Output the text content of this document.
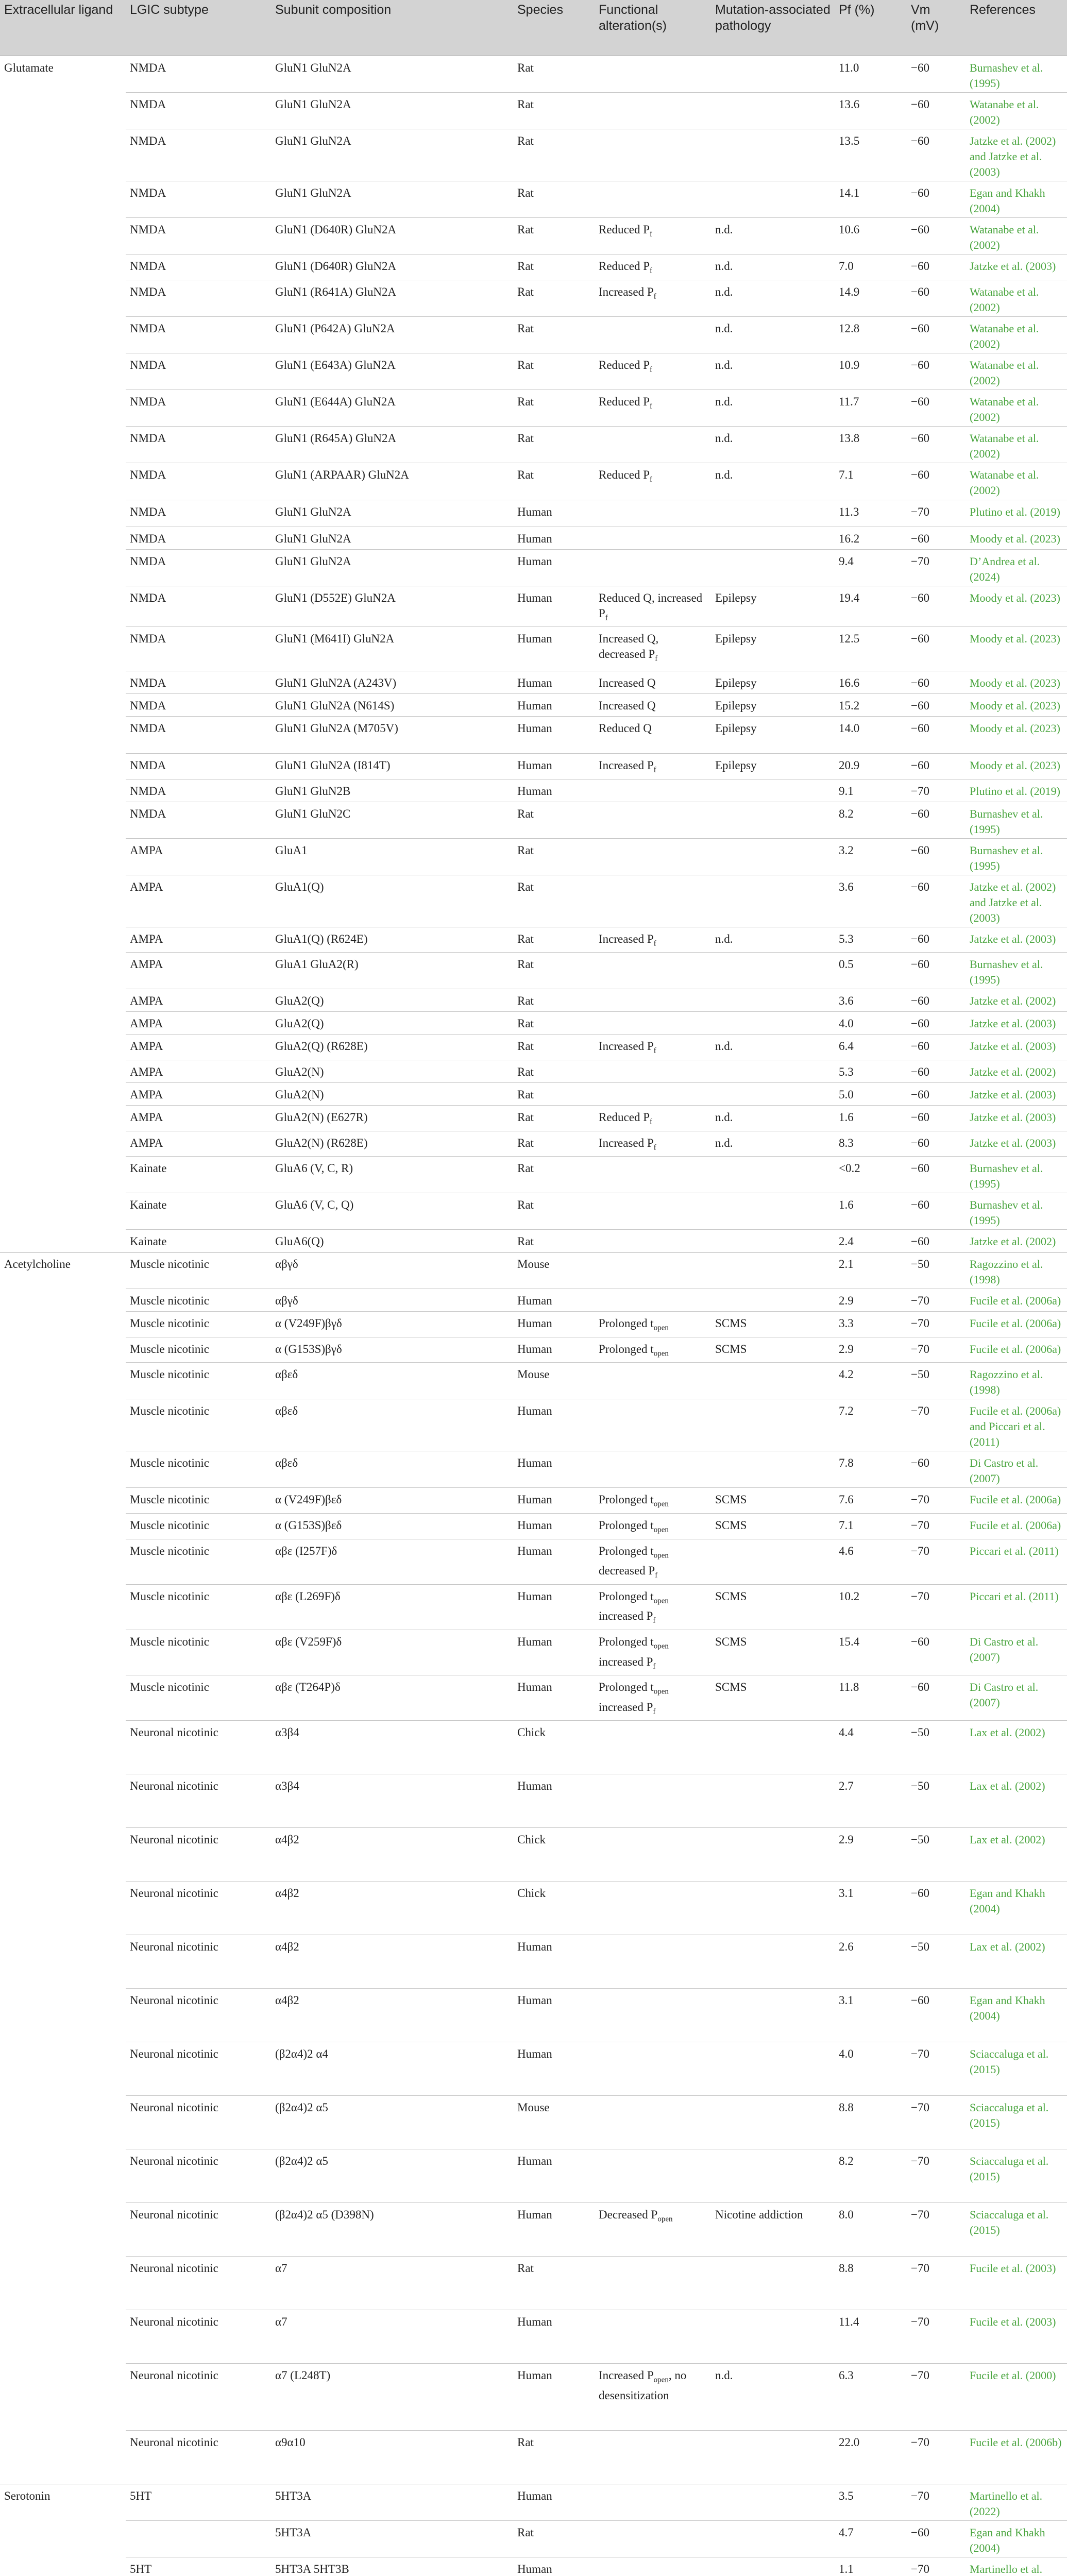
Extracellular ligand	LGIC subtype	Subunit composition	Species	Functional alteration(s)	Mutation-associated pathology	Pf (%)	Vm (mV)	References
Glutamate	NMDA	GluN1 GluN2A	Rat			11.0	−60	Burnashev et al. (1995)
	NMDA	GluN1 GluN2A	Rat			13.6	−60	Watanabe et al. (2002)
	NMDA	GluN1 GluN2A	Rat			13.5	−60	Jatzke et al. (2002) and Jatzke et al. (2003)
	NMDA	GluN1 GluN2A	Rat			14.1	−60	Egan and Khakh (2004)
	NMDA	GluN1 (D640R) GluN2A	Rat	Reduced $P_f$	n.d.	10.6	−60	Watanabe et al. (2002)
	NMDA	GluN1 (D640R) GluN2A	Rat	Reduced $P_f$	n.d.	7.0	−60	Jatzke et al. (2003)
	NMDA	GluN1 (R641A) GluN2A	Rat	Increased $P_f$	n.d.	14.9	−60	Watanabe et al. (2002)
	NMDA	GluN1 (P642A) GluN2A	Rat		n.d.	12.8	−60	Watanabe et al. (2002)
	NMDA	GluN1 (E643A) GluN2A	Rat	Reduced $P_f$	n.d.	10.9	−60	Watanabe et al. (2002)
	NMDA	GluN1 (E644A) GluN2A	Rat	Reduced $P_f$	n.d.	11.7	−60	Watanabe et al. (2002)
	NMDA	GluN1 (R645A) GluN2A	Rat		n.d.	13.8	−60	Watanabe et al. (2002)
	NMDA	GluN1 (ARPAAR) GluN2A	Rat	Reduced $P_f$	n.d.	7.1	−60	Watanabe et al. (2002)
	NMDA	GluN1 GluN2A	Human			11.3	−70	Plutino et al. (2019)
	NMDA	GluN1 GluN2A	Human			16.2	−60	Moody et al. (2023)
	NMDA	GluN1 GluN2A	Human			9.4	−70	D’Andrea et al. (2024)
	NMDA	GluN1 (D552E) GluN2A	Human	Reduced Q, increased $P_f$	Epilepsy	19.4	−60	Moody et al. (2023)
	NMDA	GluN1 (M641I) GluN2A	Human	Increased Q, decreased $P_f$	Epilepsy	12.5	−60	Moody et al. (2023)
	NMDA	GluN1 GluN2A (A243V)	Human	Increased Q	Epilepsy	16.6	−60	Moody et al. (2023)
	NMDA	GluN1 GluN2A (N614S)	Human	Increased Q	Epilepsy	15.2	−60	Moody et al. (2023)
	NMDA	GluN1 GluN2A (M705V)	Human	Reduced Q	Epilepsy	14.0	−60	Moody et al. (2023)
	NMDA	GluN1 GluN2A (I814T)	Human	Increased $P_f$	Epilepsy	20.9	−60	Moody et al. (2023)
	NMDA	GluN1 GluN2B	Human			9.1	−70	Plutino et al. (2019)
	NMDA	GluN1 GluN2C	Rat			8.2	−60	Burnashev et al. (1995)
	AMPA	GluA1	Rat			3.2	−60	Burnashev et al. (1995)
	AMPA	GluA1(Q)	Rat			3.6	−60	Jatzke et al. (2002) and Jatzke et al. (2003)
	AMPA	GluA1(Q) (R624E)	Rat	Increased $P_f$	n.d.	5.3	−60	Jatzke et al. (2003)
	AMPA	GluA1 GluA2(R)	Rat			0.5	−60	Burnashev et al. (1995)
	AMPA	GluA2(Q)	Rat			3.6	−60	Jatzke et al. (2002)
	AMPA	GluA2(Q)	Rat			4.0	−60	Jatzke et al. (2003)
	AMPA	GluA2(Q) (R628E)	Rat	Increased $P_f$	n.d.	6.4	−60	Jatzke et al. (2003)
	AMPA	GluA2(N)	Rat			5.3	−60	Jatzke et al. (2002)
	AMPA	GluA2(N)	Rat			5.0	−60	Jatzke et al. (2003)
	AMPA	GluA2(N) (E627R)	Rat	Reduced $P_f$	n.d.	1.6	−60	Jatzke et al. (2003)
	AMPA	GluA2(N) (R628E)	Rat	Increased $P_f$	n.d.	8.3	−60	Jatzke et al. (2003)
	Kainate	GluA6 (V, C, R)	Rat			<0.2	−60	Burnashev et al. (1995)
	Kainate	GluA6 (V, C, Q)	Rat			1.6	−60	Burnashev et al. (1995)
	Kainate	GluA6(Q)	Rat			2.4	−60	Jatzke et al. (2002)
Acetylcholine	Muscle nicotinic	αβγδ	Mouse			2.1	−50	Ragozzino et al. (1998)
	Muscle nicotinic	αβγδ	Human			2.9	−70	Fucile et al. (2006a)
	Muscle nicotinic	α (V249F)βγδ	Human	Prolonged $t_{open}$	SCMS	3.3	−70	Fucile et al. (2006a)
	Muscle nicotinic	α (G153S)βγδ	Human	Prolonged $t_{open}$	SCMS	2.9	−70	Fucile et al. (2006a)
	Muscle nicotinic	αβεδ	Mouse			4.2	−50	Ragozzino et al. (1998)
	Muscle nicotinic	αβεδ	Human			7.2	−70	Fucile et al. (2006a) and Piccari et al. (2011)
	Muscle nicotinic	αβεδ	Human			7.8	−60	Di Castro et al. (2007)
	Muscle nicotinic	α (V249F)βεδ	Human	Prolonged $t_{open}$	SCMS	7.6	−70	Fucile et al. (2006a)
	Muscle nicotinic	α (G153S)βεδ	Human	Prolonged $t_{open}$	SCMS	7.1	−70	Fucile et al. (2006a)
	Muscle nicotinic	αβε (I257F)δ	Human	Prolonged $t_{open}$ decreased $P_f$		4.6	−70	Piccari et al. (2011)
	Muscle nicotinic	αβε (L269F)δ	Human	Prolonged $t_{open}$ increased $P_f$	SCMS	10.2	−70	Piccari et al. (2011)
	Muscle nicotinic	αβε (V259F)δ	Human	Prolonged $t_{open}$ increased $P_f$	SCMS	15.4	−60	Di Castro et al. (2007)
	Muscle nicotinic	αβε (T264P)δ	Human	Prolonged $t_{open}$ increased $P_f$	SCMS	11.8	−60	Di Castro et al. (2007)
	Neuronal nicotinic	α3β4	Chick			4.4	−50	Lax et al. (2002)
	Neuronal nicotinic	α3β4	Human			2.7	−50	Lax et al. (2002)
	Neuronal nicotinic	α4β2	Chick			2.9	−50	Lax et al. (2002)
	Neuronal nicotinic	α4β2	Chick			3.1	−60	Egan and Khakh (2004)
	Neuronal nicotinic	α4β2	Human			2.6	−50	Lax et al. (2002)
	Neuronal nicotinic	α4β2	Human			3.1	−60	Egan and Khakh (2004)
	Neuronal nicotinic	(β2α4)2 α4	Human			4.0	−70	Sciaccaluga et al. (2015)
	Neuronal nicotinic	(β2α4)2 α5	Mouse			8.8	−70	Sciaccaluga et al. (2015)
	Neuronal nicotinic	(β2α4)2 α5	Human			8.2	−70	Sciaccaluga et al. (2015)
	Neuronal nicotinic	(β2α4)2 α5 (D398N)	Human	Decreased $P_{open}$	Nicotine addiction	8.0	−70	Sciaccaluga et al. (2015)
	Neuronal nicotinic	α7	Rat			8.8	−70	Fucile et al. (2003)
	Neuronal nicotinic	α7	Human			11.4	−70	Fucile et al. (2003)
	Neuronal nicotinic	α7 (L248T)	Human	Increased $P_{open}$, no desensitization	n.d.	6.3	−70	Fucile et al. (2000)
	Neuronal nicotinic	α9α10	Rat			22.0	−70	Fucile et al. (2006b)
Serotonin	5HT	5HT3A	Human			3.5	−70	Martinello et al. (2022)
		5HT3A	Rat			4.7	−60	Egan and Khakh (2004)
	5HT	5HT3A 5HT3B	Human			1.1	−70	Martinello et al.
